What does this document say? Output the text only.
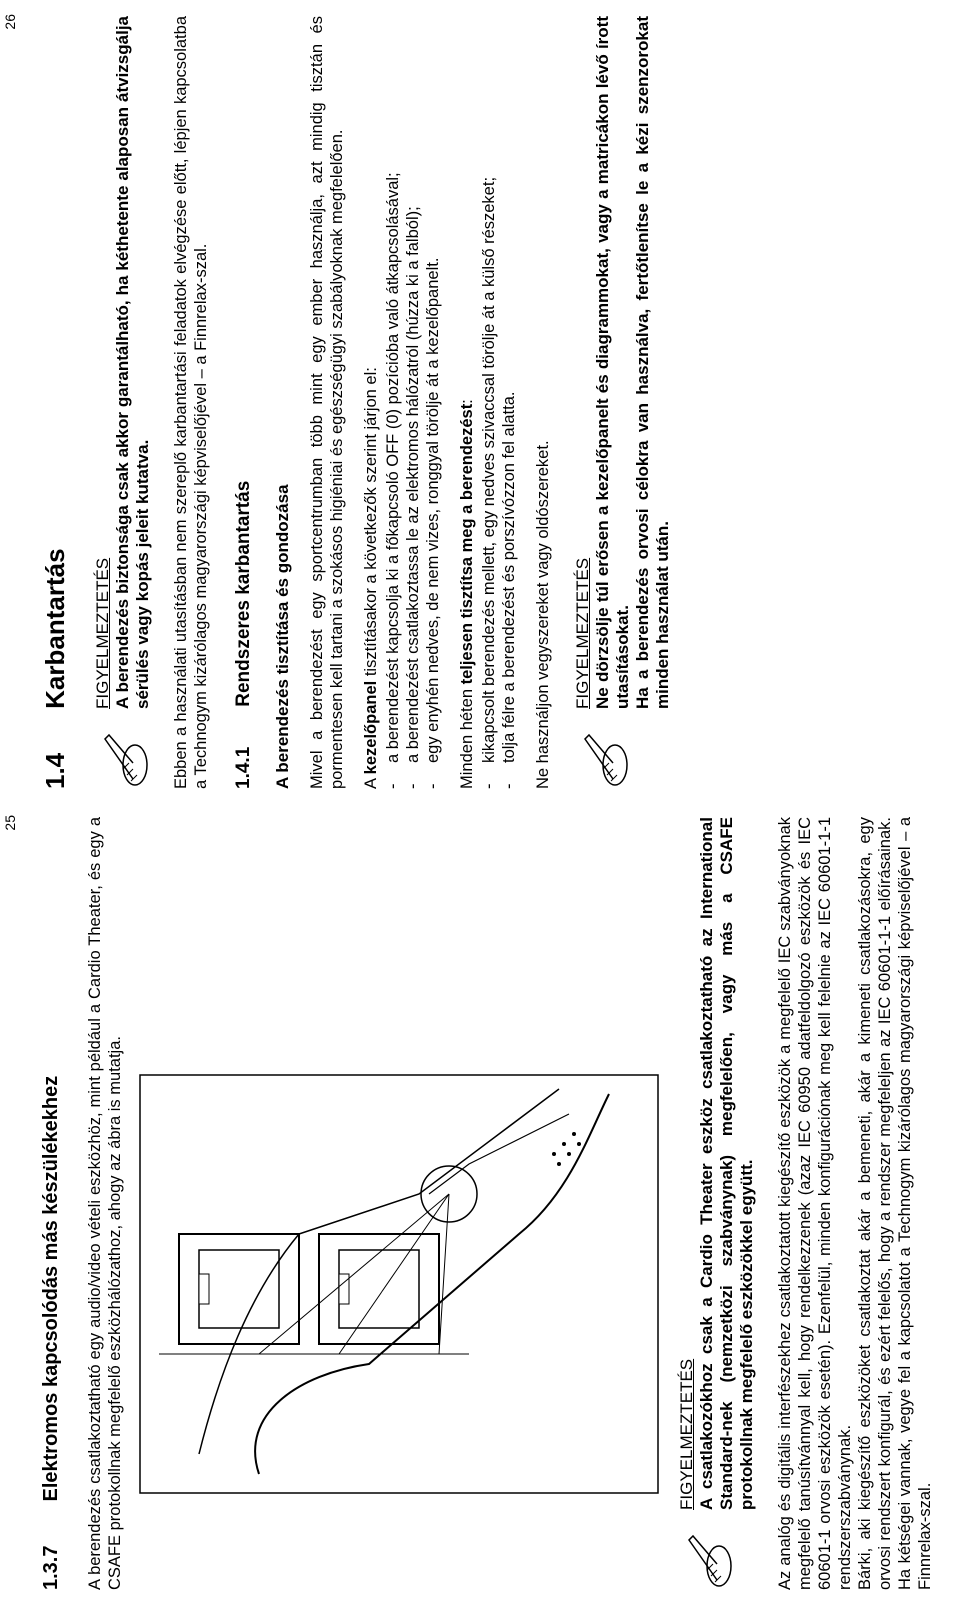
25
1.3.7
Elektromos kapcsolódás más készülékekhez A berendezés csatlakoztatható egy audio/video vételi eszközhöz, mint például a Cardio Theater, és egy a CSAFE protokollnak megfelelő eszközhálózathoz, ahogy az ábra is mutatja.	FIGYELMEZTETÉS A csatlakozókhoz csak a Cardio Theater eszköz csatlakoztatható az International Standard-nek (nemzetközi szabványnak) megfelelően, vagy más a CSAFE protokollnak megfelelő eszközökkel együtt. Az analóg és digitális interfészekhez csatlakoztatott kiegészítő eszközök a megfelelő IEC szabványoknak megfelelő tanúsítvánnyal kell, hogy rendelkezzenek (azaz IEC 60950 adatfeldolgozó eszközök és IEC 60601-1 orvosi eszközök esetén). Ezenfelül, minden konfigurációnak meg kell felelnie az IEC 60601-1-1 rendszerszabványnak. Bárki, aki kiegészítő eszközöket csatlakoztat akár a bemeneti, akár a kimeneti csatlakozásokra, egy orvosi rendszert konfigurál, és ezért felelős, hogy a rendszer megfeleljen az IEC 60601-1-1 előírásainak. Ha kétségei vannak, vegye fel a kapcsolatot a Technogym kizárólagos magyarországi képviselőjével – a Finnrelax-szal.

26
1.4
Karbantartás FIGYELMEZTETÉS A berendezés biztonsága csak akkor garantálható, ha kéthetente alaposan átvizsgálja sérülés vagy kopás jeleit kutatva. Ebben a használati utasításban nem szereplő karbantartási feladatok elvégzése előtt, lépjen kapcsolatba a Technogym kizárólagos magyarországi képviselőjével – a Finnrelax-szal. 1.4.1
Rendszeres karbantartás A berendezés tisztítása és gondozása Mivel a berendezést egy sportcentrumban több mint egy ember használja, azt mindig tisztán és pormentesen kell tartani a szokásos higiéniai és egészségügyi szabályoknak megfelelően. A kezelőpanel tisztításakor a következők szerint járjon el:

-
a berendezést kapcsolja ki a főkapcsoló OFF (0) pozícióba való átkapcsolásával;
-
a berendezést csatlakoztassa le az elektromos hálózatról (húzza ki a falból);
-
egy enyhén nedves, de nem vizes, ronggyal törölje át a kezelőpanelt. Minden héten teljesen tisztítsa meg a berendezést:

-
kikapcsolt berendezés mellett, egy nedves szivaccsal törölje át a külső részeket;
-
tolja félre a berendezést és porszívózzon fel alatta. Ne használjon vegyszereket vagy oldószereket. FIGYELMEZTETÉS Ne dörzsölje túl erősen a kezelőpanelt és diagrammokat, vagy a matricákon lévő írott utasításokat. Ha a berendezés orvosi célokra van használva, fertőtlenítse le a kézi szenzorokat minden használat után.
